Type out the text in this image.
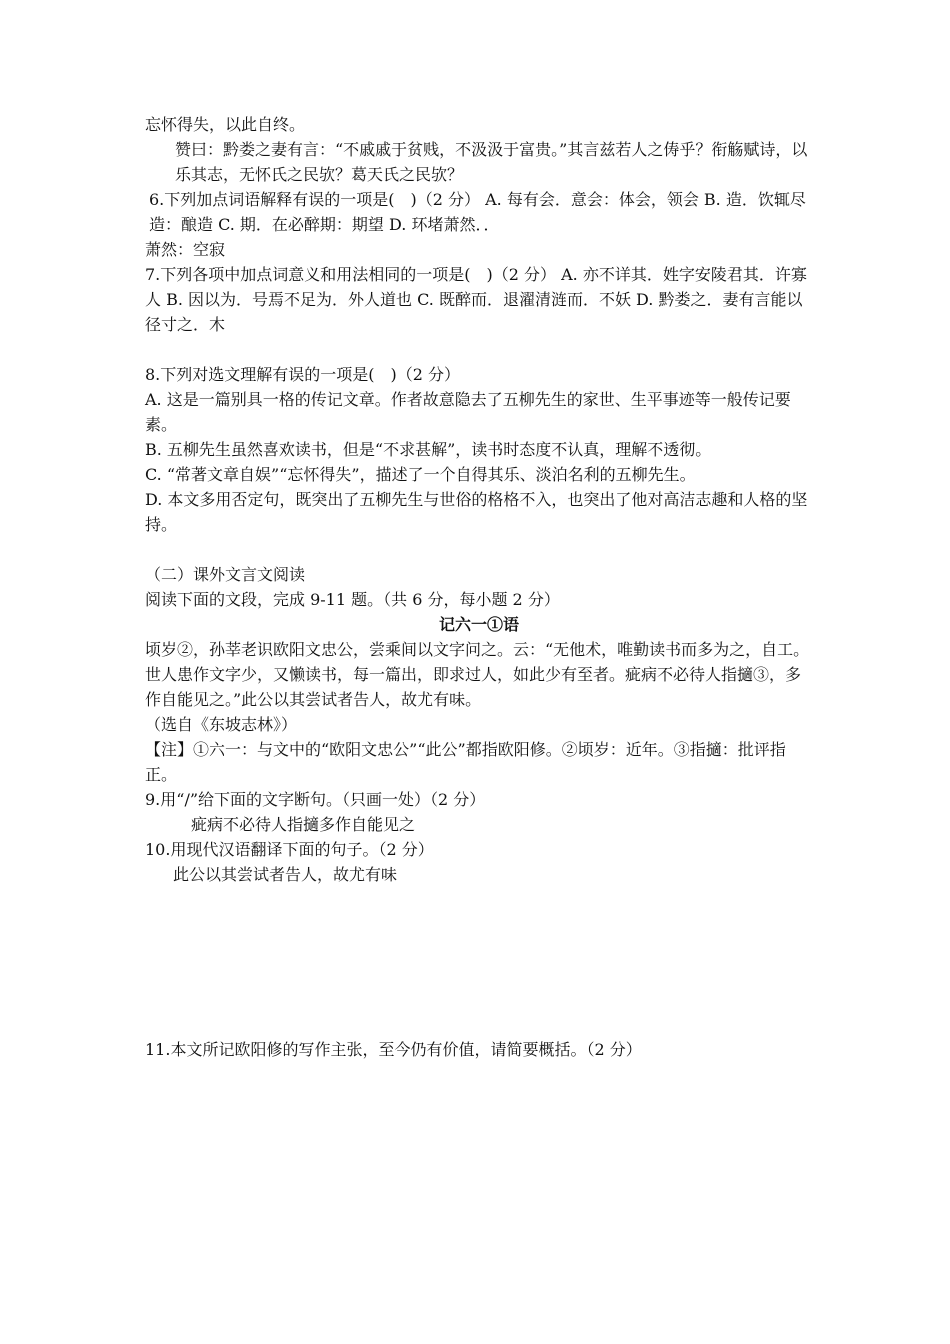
忘怀得失，以此自终。

赞曰：黔娄之妻有言：“不戚戚于贫贱，不汲汲于富贵。”其言兹若人之俦乎？衔觞赋诗，以乐其志，无怀氏之民欤？葛天氏之民欤？

6.下列加点词语解释有误的一项是(　)（2 分） A. 每有会．意会：体会，领会 B. 造．饮辄尽造：酿造 C. 期．在必醉期：期望 D. 环堵萧然．．

萧然：空寂

7.下列各项中加点词意义和用法相同的一项是(　)（2 分） A. 亦不详其．姓字安陵君其．许寡人 B. 因以为．号焉不足为．外人道也 C. 既醉而．退濯清涟而．不妖 D. 黔娄之．妻有言能以径寸之．木

8.下列对选文理解有误的一项是(　)（2 分）

A. 这是一篇别具一格的传记文章。作者故意隐去了五柳先生的家世、生平事迹等一般传记要素。

B. 五柳先生虽然喜欢读书，但是“不求甚解”，读书时态度不认真，理解不透彻。

C. “常著文章自娱”“忘怀得失”，描述了一个自得其乐、淡泊名利的五柳先生。

D. 本文多用否定句，既突出了五柳先生与世俗的格格不入，也突出了他对高洁志趣和人格的坚持。

（二）课外文言文阅读

阅读下面的文段，完成 9-11 题。（共 6 分，每小题 2 分）

记六一①语

顷岁②，孙莘老识欧阳文忠公，尝乘间以文字问之。云：“无他术，唯勤读书而多为之，自工。世人患作文字少，又懒读书，每一篇出，即求过人，如此少有至者。疵病不必待人指擿③，多作自能见之。”此公以其尝试者告人，故尤有味。

（选自《东坡志林》）

【注】①六一：与文中的“欧阳文忠公”“此公”都指欧阳修。②顷岁：近年。③指擿：批评指正。

9.用“/”给下面的文字断句。（只画一处）（2 分）

疵病不必待人指擿多作自能见之

10.用现代汉语翻译下面的句子。（2 分）

此公以其尝试者告人，故尤有味

11.本文所记欧阳修的写作主张，至今仍有价值，请简要概括。（2 分）
